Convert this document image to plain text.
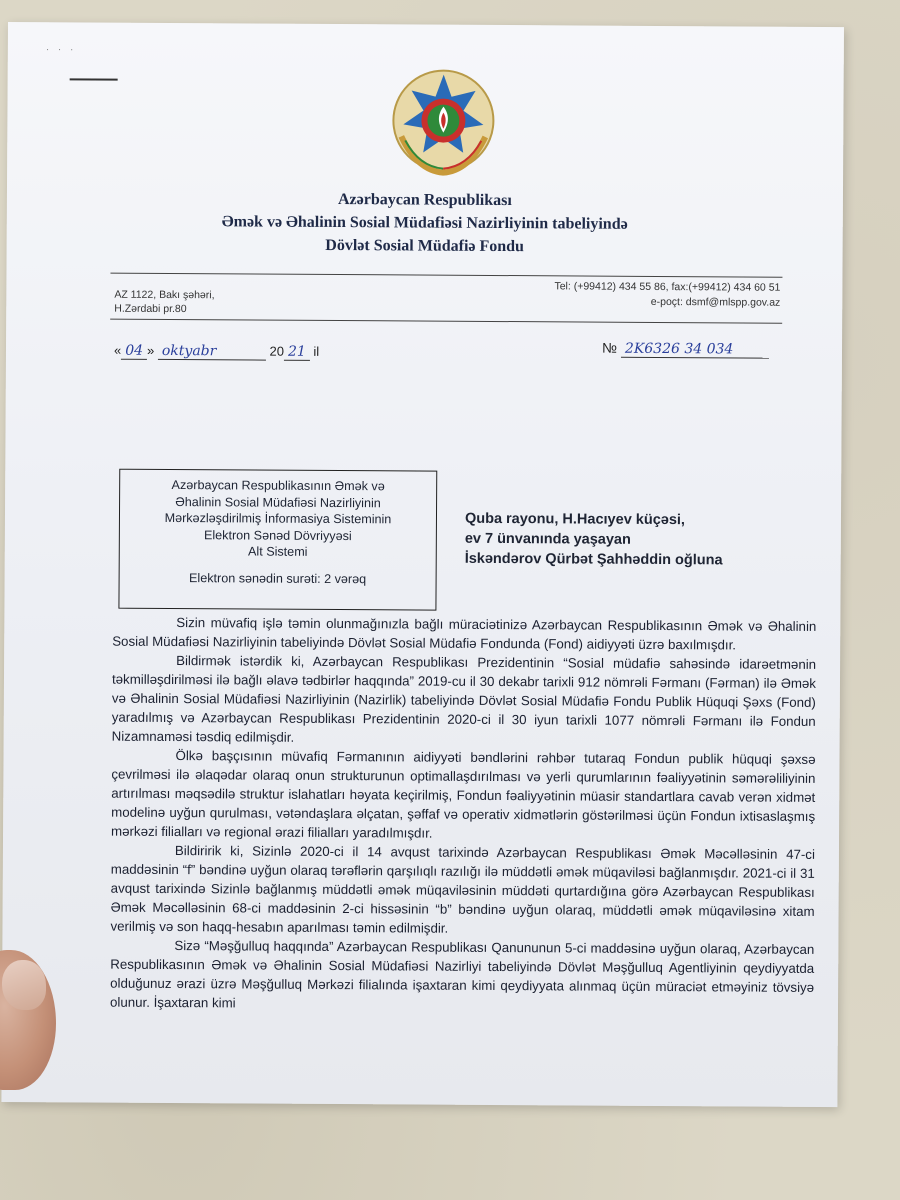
· · ·
Azərbaycan Respublikası
Əmək və Əhalinin Sosial Müdafiəsi Nazirliyinin tabeliyində
Dövlət Sosial Müdafiə Fondu
AZ 1122, Bakı şəhəri,
H.Zərdabi pr.80
Tel: (+99412) 434 55 86, fax:(+99412) 434 60 51
e-poçt: dsmf@mlspp.gov.az
« 04 » oktyabr	20 21 il	№ 2K6326 34 034
Azərbaycan Respublikasının Əmək və
Əhalinin Sosial Müdafiəsi Nazirliyinin
Mərkəzləşdirilmiş İnformasiya Sisteminin
Elektron Sənəd Dövriyyəsi
Alt Sistemi
Elektron sənədin surəti: 2 vərəq
Quba rayonu, H.Hacıyev küçəsi,
ev 7 ünvanında yaşayan
İskəndərov Qürbət Şahhəddin oğluna

Sizin müvafiq işlə təmin olunmağınızla bağlı müraciətinizə Azərbaycan Respublikasının Əmək və Əhalinin Sosial Müdafiəsi Nazirliyinin tabeliyində Dövlət Sosial Müdafiə Fondunda (Fond) aidiyyəti üzrə baxılmışdır.

Bildirmək istərdik ki, Azərbaycan Respublikası Prezidentinin “Sosial müdafiə sahəsində idarəetmənin təkmilləşdirilməsi ilə bağlı əlavə tədbirlər haqqında” 2019-cu il 30 dekabr tarixli 912 nömrəli Fərmanı (Fərman) ilə Əmək və Əhalinin Sosial Müdafiəsi Nazirliyinin (Nazirlik) tabeliyində Dövlət Sosial Müdafiə Fondu Publik Hüquqi Şəxs (Fond) yaradılmış və Azərbaycan Respublikası Prezidentinin 2020-ci il 30 iyun tarixli 1077 nömrəli Fərmanı ilə Fondun Nizamnaməsi təsdiq edilmişdir.

Ölkə başçısının müvafiq Fərmanının aidiyyəti bəndlərini rəhbər tutaraq Fondun publik hüquqi şəxsə çevrilməsi ilə əlaqədar olaraq onun strukturunun optimallaşdırılması və yerli qurumlarının fəaliyyətinin səmərəliliyinin artırılması məqsədilə struktur islahatları həyata keçirilmiş, Fondun fəaliyyətinin müasir standartlara cavab verən xidmət modelinə uyğun qurulması, vətəndaşlara əlçatan, şəffaf və operativ xidmətlərin göstərilməsi üçün Fondun ixtisaslaşmış mərkəzi filialları və regional ərazi filialları yaradılmışdır.

Bildiririk ki, Sizinlə 2020-ci il 14 avqust tarixində Azərbaycan Respublikası Əmək Məcəlləsinin 47-ci maddəsinin “f” bəndinə uyğun olaraq tərəflərin qarşılıqlı razılığı ilə müddətli əmək müqaviləsi bağlanmışdır. 2021-ci il 31 avqust tarixində Sizinlə bağlanmış müddətli əmək müqaviləsinin müddəti qurtardığına görə Azərbaycan Respublikası Əmək Məcəlləsinin 68-ci maddəsinin 2-ci hissəsinin “b” bəndinə uyğun olaraq, müddətli əmək müqaviləsinə xitam verilmiş və son haqq-hesabın aparılması təmin edilmişdir.

Sizə “Məşğulluq haqqında” Azərbaycan Respublikası Qanununun 5-ci maddəsinə uyğun olaraq, Azərbaycan Respublikasının Əmək və Əhalinin Sosial Müdafiəsi Nazirliyi tabeliyində Dövlət Məşğulluq Agentliyinin qeydiyyatda olduğunuz ərazi üzrə Məşğulluq Mərkəzi filialında işaxtaran kimi qeydiyyata alınmaq üçün müraciət etməyiniz tövsiyə olunur. İşaxtaran kimi
